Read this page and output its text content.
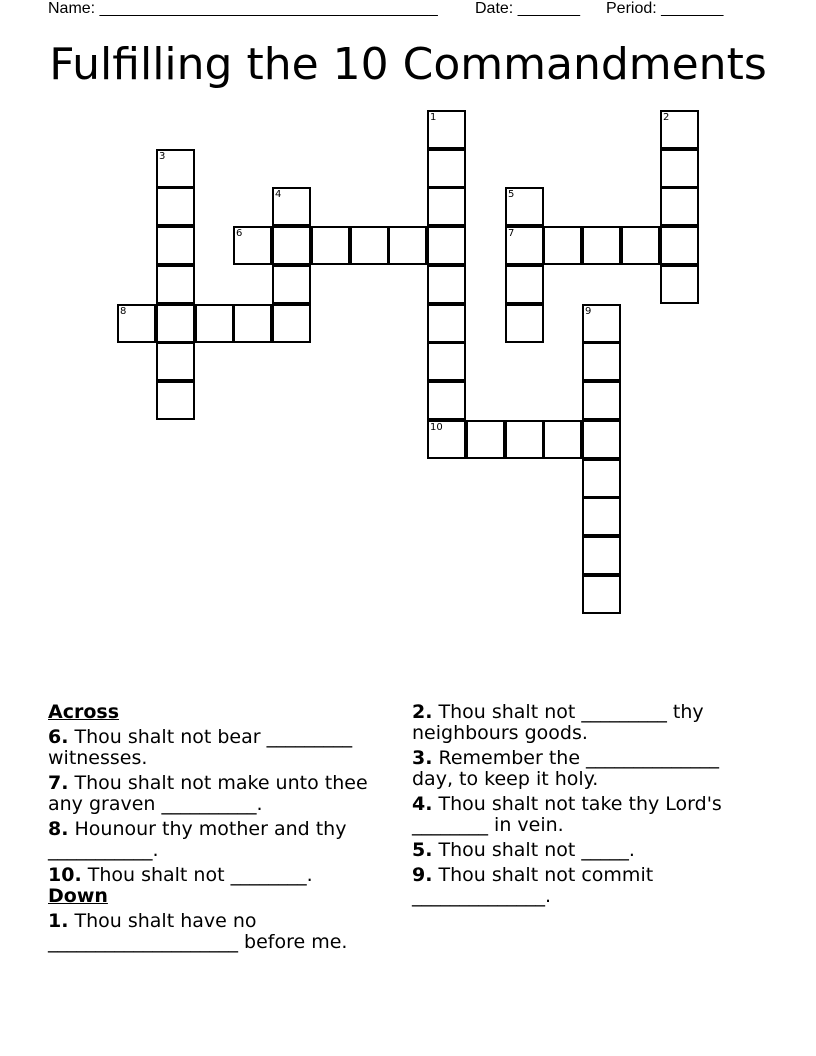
Name: ______________________________________ Date: _______ Period: _______
Fulfilling the 10 Commandments
1
10
2
3
4	5
7
6
8	9
Across
6. Thou shalt not bear _________ witnesses.
7. Thou shalt not make unto thee any graven __________.
8. Hounour thy mother and thy ___________.
10. Thou shalt not ________.
Down
1. Thou shalt have no ____________________ before me.
2. Thou shalt not _________ thy neighbours goods.
3. Remember the ______________ day, to keep it holy.
4. Thou shalt not take thy Lord's ________ in vein.
5. Thou shalt not _____.
9. Thou shalt not commit ______________.
